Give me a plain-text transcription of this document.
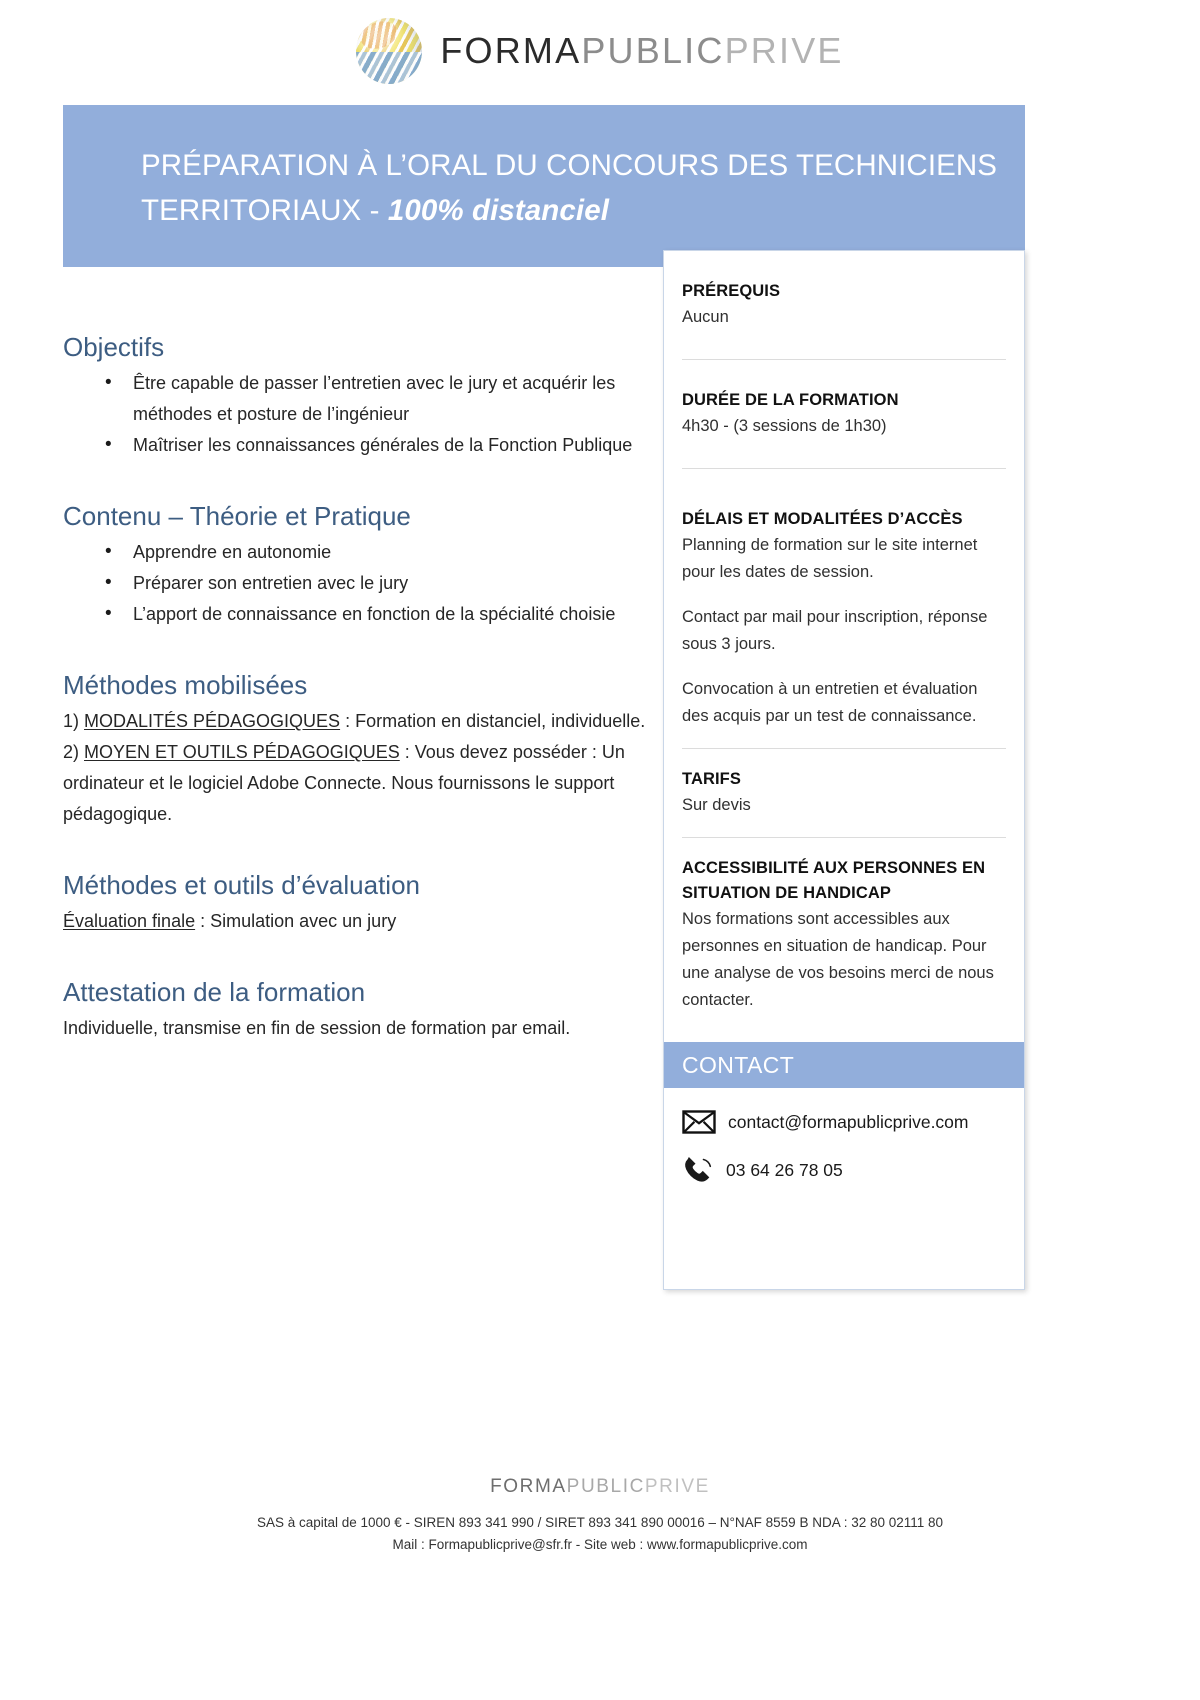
FORMAPUBLICPRIVE
PRÉPARATION À L’ORAL DU CONCOURS DES TECHNICIENS
TERRITORIAUX - 100% distanciel
Objectifs
• Être capable de passer l’entretien avec le jury et acquérir les méthodes et posture de l’ingénieur
• Maîtriser les connaissances générales de la Fonction Publique
Contenu – Théorie et Pratique
• Apprendre en autonomie
• Préparer son entretien avec le jury
• L’apport de connaissance en fonction de la spécialité choisie
Méthodes mobilisées

1) MODALITÉS PÉDAGOGIQUES : Formation en distanciel, individuelle.

2) MOYEN ET OUTILS PÉDAGOGIQUES : Vous devez posséder : Un ordinateur et le logiciel Adobe Connecte. Nous fournissons le support pédagogique.

Méthodes et outils d’évaluation

Évaluation finale : Simulation avec un jury

Attestation de la formation

Individuelle, transmise en fin de session de formation par email.

PRÉREQUIS

Aucun

DURÉE DE LA FORMATION

4h30 - (3 sessions de 1h30)

DÉLAIS ET MODALITÉES D’ACCÈS

Planning de formation sur le site internet pour les dates de session.

Contact par mail pour inscription, réponse sous 3 jours.

Convocation à un entretien et évaluation des acquis par un test de connaissance.

TARIFS

Sur devis

ACCESSIBILITÉ AUX PERSONNES EN

SITUATION DE HANDICAP

Nos formations sont accessibles aux personnes en situation de handicap. Pour une analyse de vos besoins merci de nous contacter.

CONTACT
contact@formapublicprive.com
03 64 26 78 05
FORMAPUBLICPRIVE
SAS à capital de 1000 € - SIREN 893 341 990 / SIRET 893 341 890 00016 – N°NAF 8559 B NDA : 32 80 02111 80
Mail : Formapublicprive@sfr.fr - Site web : www.formapublicprive.com
